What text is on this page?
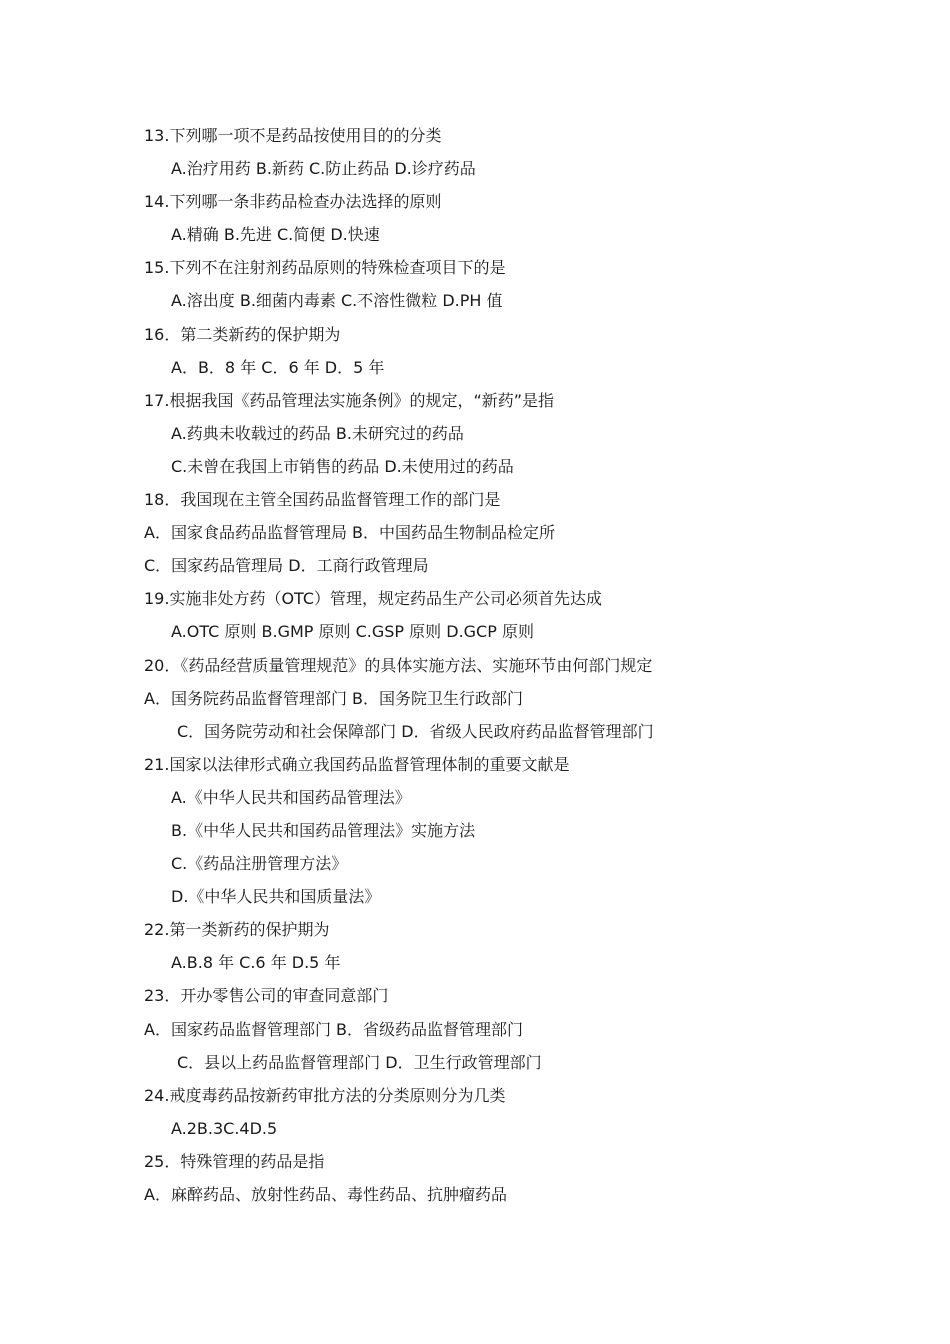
13.下列哪一项不是药品按使用目的的分类
A.治疗用药 B.新药 C.防止药品 D.诊疗药品
14.下列哪一条非药品检查办法选择的原则
A.精确 B.先进 C.简便 D.快速
15.下列不在注射剂药品原则的特殊检查项目下的是
A.溶出度 B.细菌内毒素 C.不溶性微粒 D.PH 值
16．第二类新药的保护期为
A．B．8 年 C．6 年 D．5 年
17.根据我国《药品管理法实施条例》的规定，“新药”是指
A.药典未收载过的药品 B.未研究过的药品
C.未曾在我国上市销售的药品 D.未使用过的药品
18．我国现在主管全国药品监督管理工作的部门是
A．国家食品药品监督管理局 B．中国药品生物制品检定所
C．国家药品管理局 D．工商行政管理局
19.实施非处方药（OTC）管理，规定药品生产公司必须首先达成
A.OTC 原则 B.GMP 原则 C.GSP 原则 D.GCP 原则
20．《药品经营质量管理规范》的具体实施方法、实施环节由何部门规定
A．国务院药品监督管理部门 B．国务院卫生行政部门
C．国务院劳动和社会保障部门 D．省级人民政府药品监督管理部门
21.国家以法律形式确立我国药品监督管理体制的重要文献是
A.《中华人民共和国药品管理法》
B.《中华人民共和国药品管理法》实施方法
C.《药品注册管理方法》
D.《中华人民共和国质量法》
22.第一类新药的保护期为
A.B.8 年 C.6 年 D.5 年
23．开办零售公司的审查同意部门
A．国家药品监督管理部门 B．省级药品监督管理部门
C．县以上药品监督管理部门 D．卫生行政管理部门
24.戒度毒药品按新药审批方法的分类原则分为几类
A.2B.3C.4D.5
25．特殊管理的药品是指
A．麻醉药品、放射性药品、毒性药品、抗肿瘤药品
